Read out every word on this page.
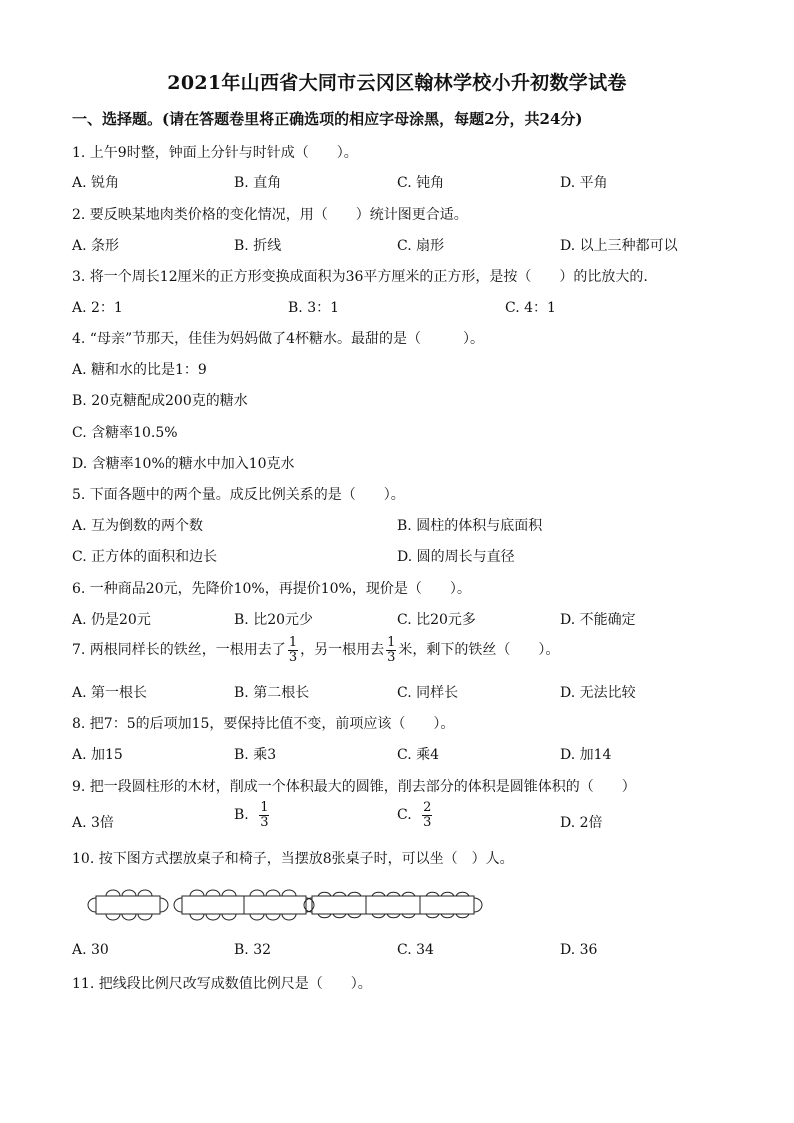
2021年山西省大同市云冈区翰林学校小升初数学试卷
一、选择题。(请在答题卷里将正确选项的相应字母涂黑，每题2分，共24分)
1. 上午9时整，钟面上分针与时针成（　　）。
A. 锐角	B. 直角	C. 钝角	D. 平角
2. 要反映某地肉类价格的变化情况，用（　　）统计图更合适。
A. 条形	B. 折线	C. 扇形	D. 以上三种都可以
3. 将一个周长12厘米的正方形变换成面积为36平方厘米的正方形，是按（　　）的比放大的.
A. 2：1	B. 3：1	C. 4：1
4. “母亲”节那天，佳佳为妈妈做了4杯糖水。最甜的是（　　　）。
A. 糖和水的比是1：9
B. 20克糖配成200克的糖水
C. 含糖率10.5%
D. 含糖率10%的糖水中加入10克水
5. 下面各题中的两个量。成反比例关系的是（　　）。
A. 互为倒数的两个数	B. 圆柱的体积与底面积
C. 正方体的面积和边长	D. 圆的周长与直径
6. 一种商品20元，先降价10%，再提价10%，现价是（　　）。
A. 仍是20元	B. 比20元少	C. 比20元多	D. 不能确定
7. 两根同样长的铁丝，一根用去了 $\frac{1}{3}$ ，另一根用去 $\frac{1}{3}$ 米，剩下的铁丝（　　）。
A. 第一根长	B. 第二根长	C. 同样长	D. 无法比较
8. 把7：5的后项加15，要保持比值不变，前项应该（　　）。
A. 加15	B. 乘3	C. 乘4	D. 加14
9. 把一段圆柱形的木材，削成一个体积最大的圆锥，削去部分的体积是圆锥体积的（　　）
A. 3倍	B. $\frac{1}{3}$	C. $\frac{2}{3}$	D. 2倍
10. 按下图方式摆放桌子和椅子，当摆放8张桌子时，可以坐（　）人。
A. 30	B. 32	C. 34	D. 36
11. 把线段比例尺改写成数值比例尺是（　　）。
